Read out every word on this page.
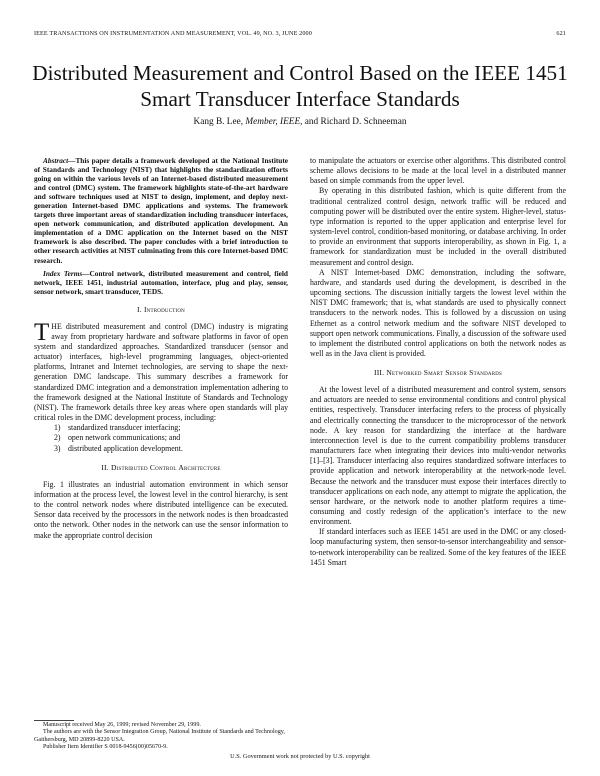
IEEE TRANSACTIONS ON INSTRUMENTATION AND MEASUREMENT, VOL. 49, NO. 3, JUNE 2000	621
Distributed Measurement and Control Based on the IEEE 1451 Smart Transducer Interface Standards
Kang B. Lee, Member, IEEE, and Richard D. Schneeman

Abstract—This paper details a framework developed at the National Institute of Standards and Technology (NIST) that highlights the standardization efforts going on within the various levels of an Internet-based distributed measurement and control (DMC) system. The framework highlights state-of-the-art hardware and software techniques used at NIST to design, implement, and deploy next-generation Internet-based DMC applications and systems. The framework targets three important areas of standardization including transducer interfaces, open network communication, and distributed application development. An implementation of a DMC application on the Internet based on the NIST framework is also described. The paper concludes with a brief introduction to other research activities at NIST culminating from this core Internet-based DMC research.

Index Terms—Control network, distributed measurement and control, field network, IEEE 1451, industrial automation, interface, plug and play, sensor, sensor network, smart transducer, TEDS.

I. Introduction

THE distributed measurement and control (DMC) industry is migrating away from proprietary hardware and software platforms in favor of open system and standardized approaches. Standardized transducer (sensor and actuator) interfaces, high-level programming languages, object-oriented platforms, Intranet and Internet technologies, are serving to shape the next-generation DMC landscape. This summary describes a framework for standardized DMC integration and a demonstration implementation adhering to the framework designed at the National Institute of Standards and Technology (NIST). The framework details three key areas where open standards will play critical roles in the DMC development process, including:

1) standardized transducer interfacing;
2) open network communications; and
3) distributed application development.
II. Distributed Control Architecture

Fig. 1 illustrates an industrial automation environment in which sensor information at the process level, the lowest level in the control hierarchy, is sent to the control network nodes where distributed intelligence can be executed. Sensor data received by the processors in the network nodes is then broadcasted onto the network. Other nodes in the network can use the sensor information to make the appropriate control decision

to manipulate the actuators or exercise other algorithms. This distributed control scheme allows decisions to be made at the local level in a distributed manner based on simple commands from the upper level.

By operating in this distributed fashion, which is quite different from the traditional centralized control design, network traffic will be reduced and computing power will be distributed over the entire system. Higher-level, status-type information is reported to the upper application and enterprise level for system-level control, condition-based monitoring, or database archiving. In order to provide an environment that supports interoperability, as shown in Fig. 1, a framework for standardization must be included in the overall distributed measurement and control design.

A NIST Internet-based DMC demonstration, including the software, hardware, and standards used during the development, is described in the upcoming sections. The discussion initially targets the lowest level within the NIST DMC framework; that is, what standards are used to physically connect transducers to the network nodes. This is followed by a discussion on using Ethernet as a control network medium and the software NIST developed to support open network communications. Finally, a discussion of the software used to implement the distributed control applications on both the network nodes as well as in the Java client is provided.

III. Networked Smart Sensor Standards

At the lowest level of a distributed measurement and control system, sensors and actuators are needed to sense environmental conditions and control physical entities, respectively. Transducer interfacing refers to the process of physically and electrically connecting the transducer to the microprocessor of the network node. A key reason for standardizing the interface at the hardware interconnection level is due to the current compatibility problems transducer manufacturers face when integrating their devices into multi-vendor networks [1]–[3]. Transducer interfacing also requires standardized software interfaces to provide application and network interoperability at the network-node level. Because the network and the transducer must expose their interfaces directly to transducer applications on each node, any attempt to migrate the application, the sensor hardware, or the network node to another platform requires a time-consuming and costly redesign of the application’s interface to the new environment.

If standard interfaces such as IEEE 1451 are used in the DMC or any closed-loop manufacturing system, then sensor-to-sensor interchangeability and sensor-to-network interoperability can be realized. Some of the key features of the IEEE 1451 Smart

Manuscript received May 26, 1999; revised November 29, 1999.

The authors are with the Sensor Integration Group, National Institute of Standards and Technology, Gaithersburg, MD 20899-8220 USA.

Publisher Item Identifier S 0018-9456(00)05670-9.

U.S. Government work not protected by U.S. copyright
